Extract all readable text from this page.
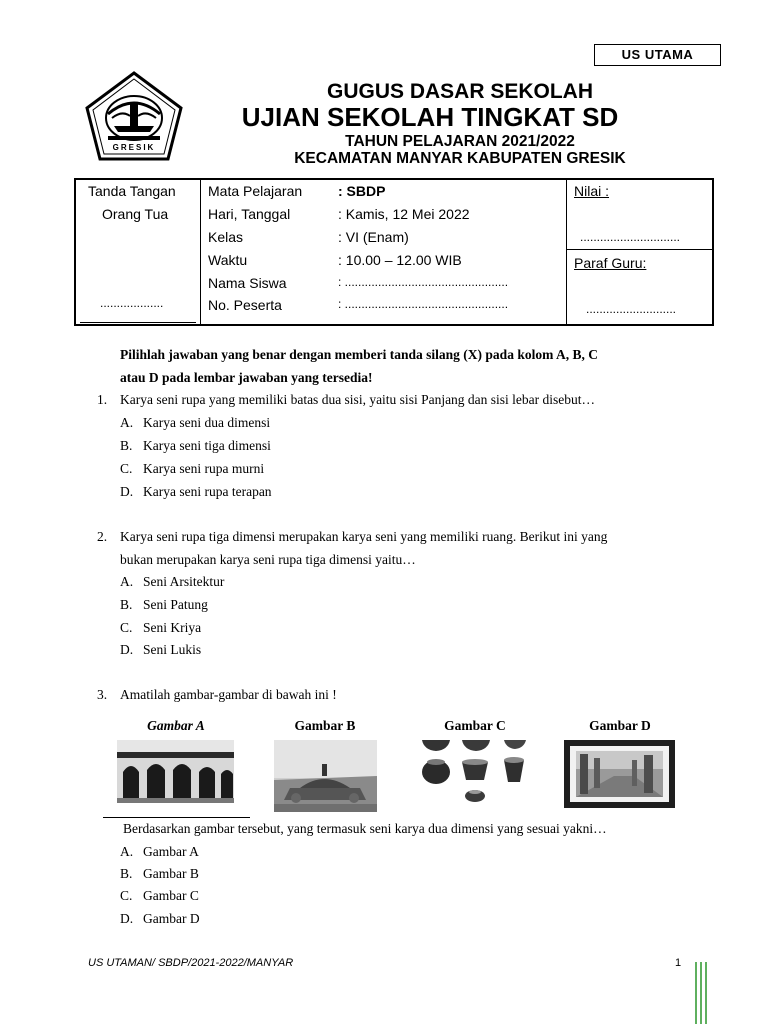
US UTAMA
GRESIK
GUGUS DASAR SEKOLAH
UJIAN SEKOLAH TINGKAT SD
TAHUN PELAJARAN 2021/2022
KECAMATAN MANYAR KABUPATEN GRESIK
Tanda Tangan
Orang Tua
...................
Mata Pelajaran	: SBDP
Hari, Tanggal	: Kamis, 12 Mei 2022
Kelas	: VI (Enam)
Waktu	: 10.00 – 12.00 WIB
Nama Siswa	: .................................................
No. Peserta	: .................................................
Nilai :
..............................
Paraf Guru:
...........................
Pilihlah jawaban yang benar dengan memberi tanda silang (X) pada kolom A, B, C
atau D pada lembar jawaban yang tersedia!
1. Karya seni rupa yang memiliki batas dua sisi, yaitu sisi Panjang dan sisi lebar disebut…
A. Karya seni dua dimensi
B. Karya seni tiga dimensi
C. Karya seni rupa murni
D. Karya seni rupa terapan
2. Karya seni rupa tiga dimensi merupakan karya seni yang memiliki ruang. Berikut ini yang
bukan merupakan karya seni rupa tiga dimensi yaitu…
A. Seni Arsitektur
B. Seni Patung
C. Seni Kriya
D. Seni Lukis
3. Amatilah gambar-gambar di bawah ini !
Gambar A	Gambar B	Gambar C	Gambar D
Berdasarkan gambar tersebut, yang termasuk seni karya dua dimensi yang sesuai yakni…
A. Gambar A
B. Gambar B
C. Gambar C
D. Gambar D
US UTAMAN/ SBDP/2021-2022/MANYAR	1
